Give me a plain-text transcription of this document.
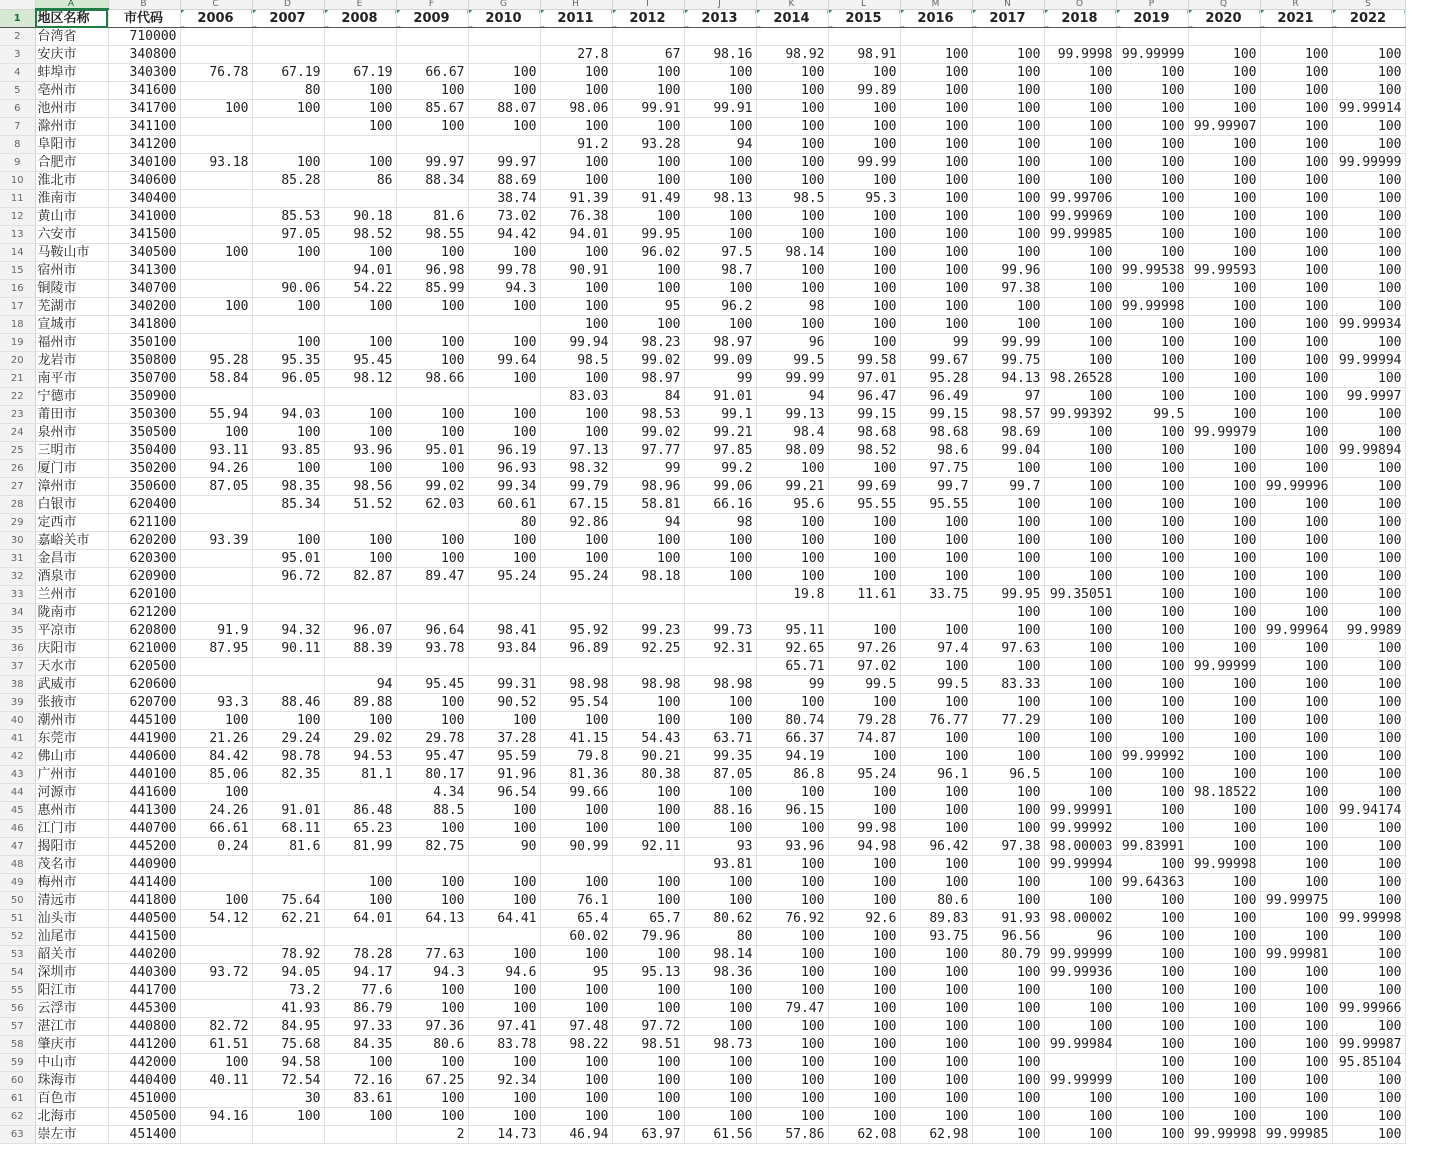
	A	B	C	D	E	F	G	H	I	J	K	L	M	N	O	P	Q	R	S
1	地区名称	市代码	2006	2007	2008	2009	2010	2011	2012	2013	2014	2015	2016	2017	2018	2019	2020	2021	2022
2	台湾省	710000																	
3	安庆市	340800						27.8	67	98.16	98.92	98.91	100	100	99.9998	99.99999	100	100	100
4	蚌埠市	340300	76.78	67.19	67.19	66.67	100	100	100	100	100	100	100	100	100	100	100	100	100
5	亳州市	341600		80	100	100	100	100	100	100	100	99.89	100	100	100	100	100	100	100
6	池州市	341700	100	100	100	85.67	88.07	98.06	99.91	99.91	100	100	100	100	100	100	100	100	99.99914
7	滁州市	341100			100	100	100	100	100	100	100	100	100	100	100	100	99.99907	100	100
8	阜阳市	341200						91.2	93.28	94	100	100	100	100	100	100	100	100	100
9	合肥市	340100	93.18	100	100	99.97	99.97	100	100	100	100	99.99	100	100	100	100	100	100	99.99999
10	淮北市	340600		85.28	86	88.34	88.69	100	100	100	100	100	100	100	100	100	100	100	100
11	淮南市	340400					38.74	91.39	91.49	98.13	98.5	95.3	100	100	99.99706	100	100	100	100
12	黄山市	341000		85.53	90.18	81.6	73.02	76.38	100	100	100	100	100	100	99.99969	100	100	100	100
13	六安市	341500		97.05	98.52	98.55	94.42	94.01	99.95	100	100	100	100	100	99.99985	100	100	100	100
14	马鞍山市	340500	100	100	100	100	100	100	96.02	97.5	98.14	100	100	100	100	100	100	100	100
15	宿州市	341300			94.01	96.98	99.78	90.91	100	98.7	100	100	100	99.96	100	99.99538	99.99593	100	100
16	铜陵市	340700		90.06	54.22	85.99	94.3	100	100	100	100	100	100	97.38	100	100	100	100	100
17	芜湖市	340200	100	100	100	100	100	100	95	96.2	98	100	100	100	100	99.99998	100	100	100
18	宣城市	341800						100	100	100	100	100	100	100	100	100	100	100	99.99934
19	福州市	350100		100	100	100	100	99.94	98.23	98.97	96	100	99	99.99	100	100	100	100	100
20	龙岩市	350800	95.28	95.35	95.45	100	99.64	98.5	99.02	99.09	99.5	99.58	99.67	99.75	100	100	100	100	99.99994
21	南平市	350700	58.84	96.05	98.12	98.66	100	100	98.97	99	99.99	97.01	95.28	94.13	98.26528	100	100	100	100
22	宁德市	350900						83.03	84	91.01	94	96.47	96.49	97	100	100	100	100	99.9997
23	莆田市	350300	55.94	94.03	100	100	100	100	98.53	99.1	99.13	99.15	99.15	98.57	99.99392	99.5	100	100	100
24	泉州市	350500	100	100	100	100	100	100	99.02	99.21	98.4	98.68	98.68	98.69	100	100	99.99979	100	100
25	三明市	350400	93.11	93.85	93.96	95.01	96.19	97.13	97.77	97.85	98.09	98.52	98.6	99.04	100	100	100	100	99.99894
26	厦门市	350200	94.26	100	100	100	96.93	98.32	99	99.2	100	100	97.75	100	100	100	100	100	100
27	漳州市	350600	87.05	98.35	98.56	99.02	99.34	99.79	98.96	99.06	99.21	99.69	99.7	99.7	100	100	100	99.99996	100
28	白银市	620400		85.34	51.52	62.03	60.61	67.15	58.81	66.16	95.6	95.55	95.55	100	100	100	100	100	100
29	定西市	621100					80	92.86	94	98	100	100	100	100	100	100	100	100	100
30	嘉峪关市	620200	93.39	100	100	100	100	100	100	100	100	100	100	100	100	100	100	100	100
31	金昌市	620300		95.01	100	100	100	100	100	100	100	100	100	100	100	100	100	100	100
32	酒泉市	620900		96.72	82.87	89.47	95.24	95.24	98.18	100	100	100	100	100	100	100	100	100	100
33	兰州市	620100									19.8	11.61	33.75	99.95	99.35051	100	100	100	100
34	陇南市	621200												100	100	100	100	100	100
35	平凉市	620800	91.9	94.32	96.07	96.64	98.41	95.92	99.23	99.73	95.11	100	100	100	100	100	100	99.99964	99.9989
36	庆阳市	621000	87.95	90.11	88.39	93.78	93.84	96.89	92.25	92.31	92.65	97.26	97.4	97.63	100	100	100	100	100
37	天水市	620500									65.71	97.02	100	100	100	100	99.99999	100	100
38	武威市	620600			94	95.45	99.31	98.98	98.98	98.98	99	99.5	99.5	83.33	100	100	100	100	100
39	张掖市	620700	93.3	88.46	89.88	100	90.52	95.54	100	100	100	100	100	100	100	100	100	100	100
40	潮州市	445100	100	100	100	100	100	100	100	100	80.74	79.28	76.77	77.29	100	100	100	100	100
41	东莞市	441900	21.26	29.24	29.02	29.78	37.28	41.15	54.43	63.71	66.37	74.87	100	100	100	100	100	100	100
42	佛山市	440600	84.42	98.78	94.53	95.47	95.59	79.8	90.21	99.35	94.19	100	100	100	100	99.99992	100	100	100
43	广州市	440100	85.06	82.35	81.1	80.17	91.96	81.36	80.38	87.05	86.8	95.24	96.1	96.5	100	100	100	100	100
44	河源市	441600	100			4.34	96.54	99.66	100	100	100	100	100	100	100	100	98.18522	100	100
45	惠州市	441300	24.26	91.01	86.48	88.5	100	100	100	88.16	96.15	100	100	100	99.99991	100	100	100	99.94174
46	江门市	440700	66.61	68.11	65.23	100	100	100	100	100	100	99.98	100	100	99.99992	100	100	100	100
47	揭阳市	445200	0.24	81.6	81.99	82.75	90	90.99	92.11	93	93.96	94.98	96.42	97.38	98.00003	99.83991	100	100	100
48	茂名市	440900								93.81	100	100	100	100	99.99994	100	99.99998	100	100
49	梅州市	441400			100	100	100	100	100	100	100	100	100	100	100	99.64363	100	100	100
50	清远市	441800	100	75.64	100	100	100	76.1	100	100	100	100	80.6	100	100	100	100	99.99975	100
51	汕头市	440500	54.12	62.21	64.01	64.13	64.41	65.4	65.7	80.62	76.92	92.6	89.83	91.93	98.00002	100	100	100	99.99998
52	汕尾市	441500						60.02	79.96	80	100	100	93.75	96.56	96	100	100	100	100
53	韶关市	440200		78.92	78.28	77.63	100	100	100	98.14	100	100	100	80.79	99.99999	100	100	99.99981	100
54	深圳市	440300	93.72	94.05	94.17	94.3	94.6	95	95.13	98.36	100	100	100	100	99.99936	100	100	100	100
55	阳江市	441700		73.2	77.6	100	100	100	100	100	100	100	100	100	100	100	100	100	100
56	云浮市	445300		41.93	86.79	100	100	100	100	100	79.47	100	100	100	100	100	100	100	99.99966
57	湛江市	440800	82.72	84.95	97.33	97.36	97.41	97.48	97.72	100	100	100	100	100	100	100	100	100	100
58	肇庆市	441200	61.51	75.68	84.35	80.6	83.78	98.22	98.51	98.73	100	100	100	100	99.99984	100	100	100	99.99987
59	中山市	442000	100	94.58	100	100	100	100	100	100	100	100	100	100		100	100	100	95.85104
60	珠海市	440400	40.11	72.54	72.16	67.25	92.34	100	100	100	100	100	100	100	99.99999	100	100	100	100
61	百色市	451000		30	83.61	100	100	100	100	100	100	100	100	100	100	100	100	100	100
62	北海市	450500	94.16	100	100	100	100	100	100	100	100	100	100	100	100	100	100	100	100
63	崇左市	451400				2	14.73	46.94	63.97	61.56	57.86	62.08	62.98	100	100	100	99.99998	99.99985	100
